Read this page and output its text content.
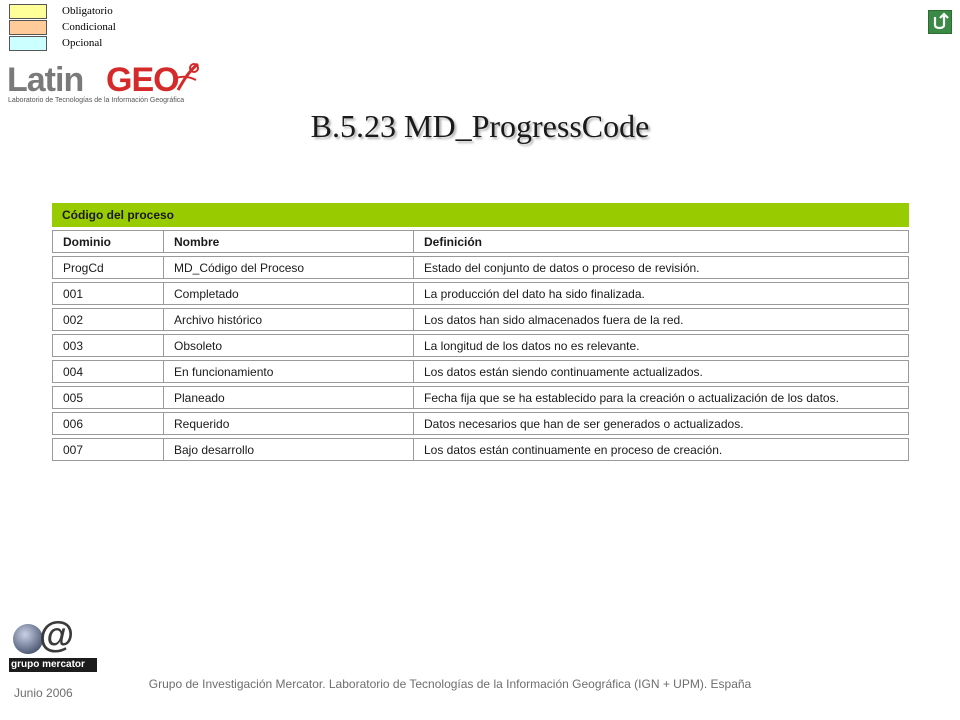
Obligatorio
Condicional
Opcional
Latin GEO
Laboratorio de Tecnologías de la Información Geográfica
B.5.23 MD_ProgressCode
Código del proceso		
Dominio	Nombre	Definición
ProgCd	MD_Código del Proceso	Estado del conjunto de datos o proceso de revisión.
001	Completado	La producción del dato ha sido finalizada.
002	Archivo histórico	Los datos han sido almacenados fuera de la red.
003	Obsoleto	La longitud de los datos no es relevante.
004	En funcionamiento	Los datos están siendo continuamente actualizados.
005	Planeado	Fecha fija que se ha establecido para la creación o actualización de los datos.
006	Requerido	Datos necesarios que han de ser generados o actualizados.
007	Bajo desarrollo	Los datos están continuamente en proceso de creación.
@
grupo mercator
Junio 2006
Grupo de Investigación Mercator. Laboratorio de Tecnologías de la Información Geográfica (IGN + UPM). España
